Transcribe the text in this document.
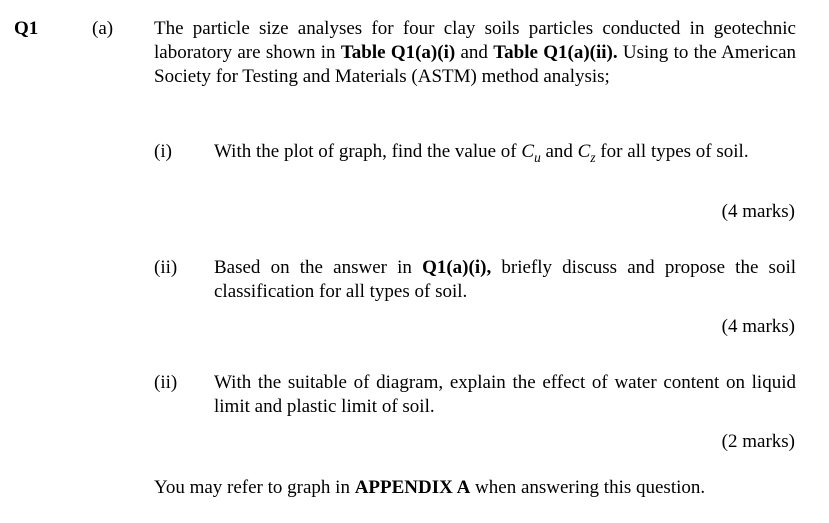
Q1	(a) The particle size analyses for four clay soils particles conducted in geotechnic laboratory are shown in Table Q1(a)(i) and Table Q1(a)(ii). Using to the American Society for Testing and Materials (ASTM) method analysis;
(i) With the plot of graph, find the value of $C_u$ and $C_z$ for all types of soil.
(4 marks)
(ii) Based on the answer in Q1(a)(i), briefly discuss and propose the soil classification for all types of soil.
(4 marks)
(ii) With the suitable of diagram, explain the effect of water content on liquid limit and plastic limit of soil.
(2 marks)
You may refer to graph in APPENDIX A when answering this question.
